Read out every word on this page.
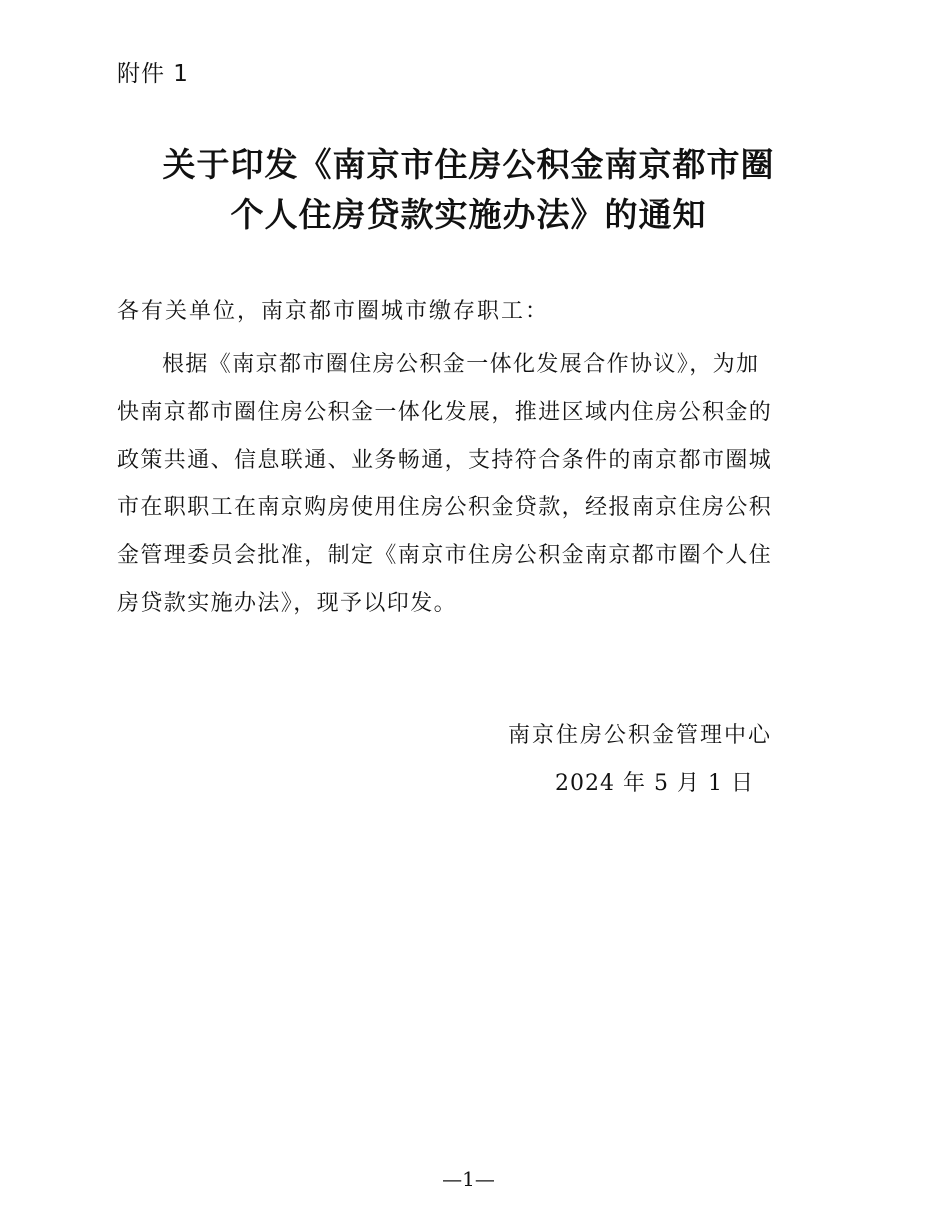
附件 1
关于印发《南京市住房公积金南京都市圈
个人住房贷款实施办法》的通知
各有关单位，南京都市圈城市缴存职工：
根据《南京都市圈住房公积金一体化发展合作协议》，为加
快南京都市圈住房公积金一体化发展，推进区域内住房公积金的
政策共通、信息联通、业务畅通，支持符合条件的南京都市圈城
市在职职工在南京购房使用住房公积金贷款，经报南京住房公积
金管理委员会批准，制定《南京市住房公积金南京都市圈个人住
房贷款实施办法》，现予以印发。
南京住房公积金管理中心
2024 年 5 月 1 日
—1—
